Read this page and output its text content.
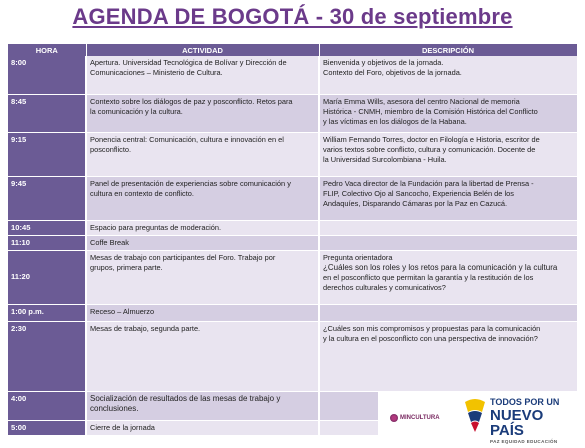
AGENDA DE BOGOTÁ - 30 de septiembre
HORA	ACTIVIDAD	DESCRIPCIÓN
8:00	Apertura. Universidad Tecnológica de Bolívar y Dirección de
Comunicaciones – Ministerio de Cultura.	Bienvenida y objetivos de la jornada.
Contexto del Foro, objetivos de la jornada.

8:45	Contexto sobre los diálogos de paz y posconflicto. Retos para
la comunicación y la cultura.	María Emma Wills, asesora del centro Nacional de memoria
Histórica - CNMH, miembro de la Comisión Histórica del Conflicto
y las víctimas en los diálogos de la Habana.

9:15	Ponencia central: Comunicación, cultura e innovación en el
posconflicto.	William Fernando Torres, doctor en Filología e Historia, escritor de
varios textos sobre conflicto, cultura y comunicación. Docente de
la Universidad Surcolombiana - Huila.

9:45	Panel de presentación de experiencias sobre comunicación y
cultura en contexto de conflicto.	Pedro Vaca director de la Fundación para la libertad de Prensa -
FLIP, Colectivo Ojo al Sancocho, Experiencia Belén de los
Andaquíes, Disparando Cámaras por la Paz en Cazucá.

10:45	Espacio para preguntas de moderación.	

11:10	Coffe Break	

11:20	Mesas de trabajo con participantes del Foro. Trabajo por
grupos, primera parte.	Pregunta orientadora
¿Cuáles son los roles y los retos para la comunicación y la cultura
en el posconflicto que permitan la garantía y la restitución de los
derechos culturales y comunicativos?

1:00 p.m.	Receso – Almuerzo	

2:30	Mesas de trabajo, segunda parte.	¿Cuáles son mis compromisos y propuestas para la comunicación
y la cultura en el posconflicto con una perspectiva de innovación?

4:00	Socialización de resultados de las mesas de trabajo y
conclusiones.	

5:00	Cierre de la jornada	

MINCULTURA
TODOS POR UN
NUEVO PAÍS
PAZ EQUIDAD EDUCACIÓN
